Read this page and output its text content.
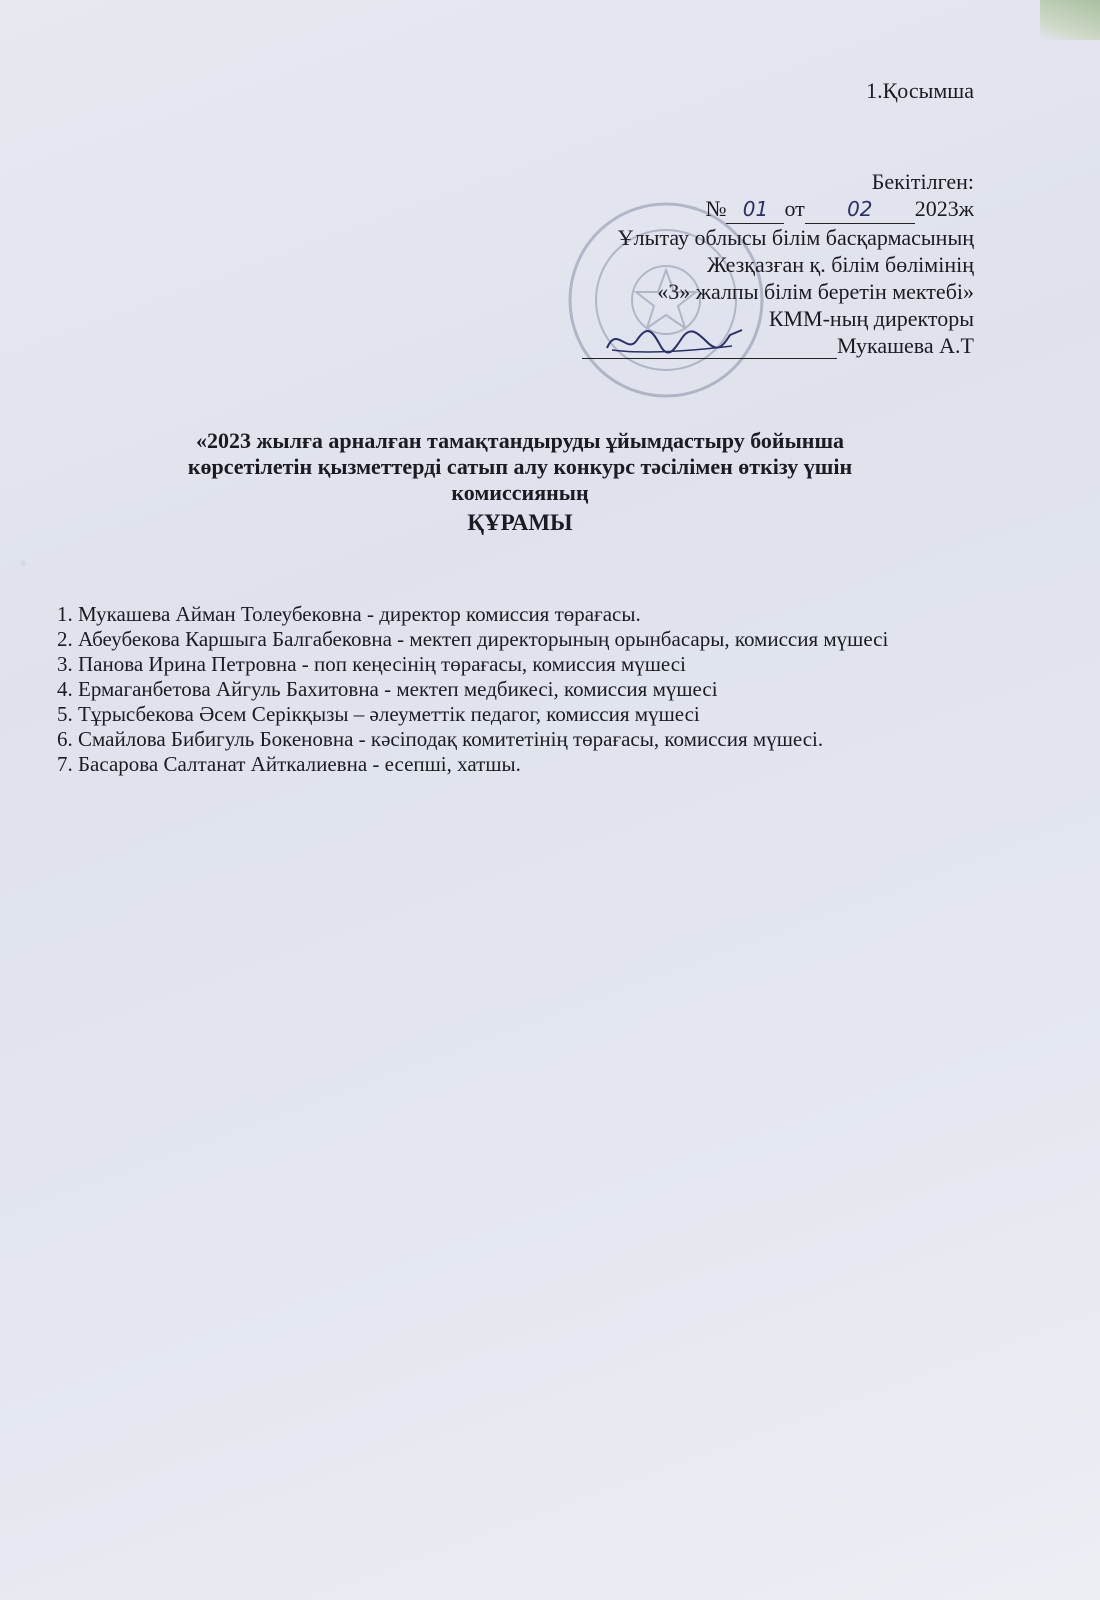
1.Қосымша
Бекітілген:
№ 01 от 02 2023ж
Ұлытау облысы білім басқармасының
Жезқазған қ. білім бөлімінің
«3» жалпы білім беретін мектебі»
КММ-ның директоры
Мукашева А.Т
«2023 жылға арналған тамақтандыруды ұйымдастыру бойынша
көрсетілетін қызметтерді сатып алу конкурс тәсілімен өткізу үшін
комиссияның
ҚҰРАМЫ
1. Мукашева Айман Толеубековна - директор комиссия төрағасы.
2. Абеубекова Каршыга Балгабековна - мектеп директорының орынбасары, комиссия мүшесі
3. Панова Ирина Петровна - поп кеңесінің төрағасы, комиссия мүшесі
4. Ермаганбетова Айгуль Бахитовна - мектеп медбикесі, комиссия мүшесі
5. Тұрысбекова Әсем Серікқызы – әлеуметтік педагог, комиссия мүшесі
6. Смайлова Бибигуль Бокеновна - кәсіподақ комитетінің төрағасы, комиссия мүшесі.
7. Басарова Салтанат Айткалиевна - есепші, хатшы.
